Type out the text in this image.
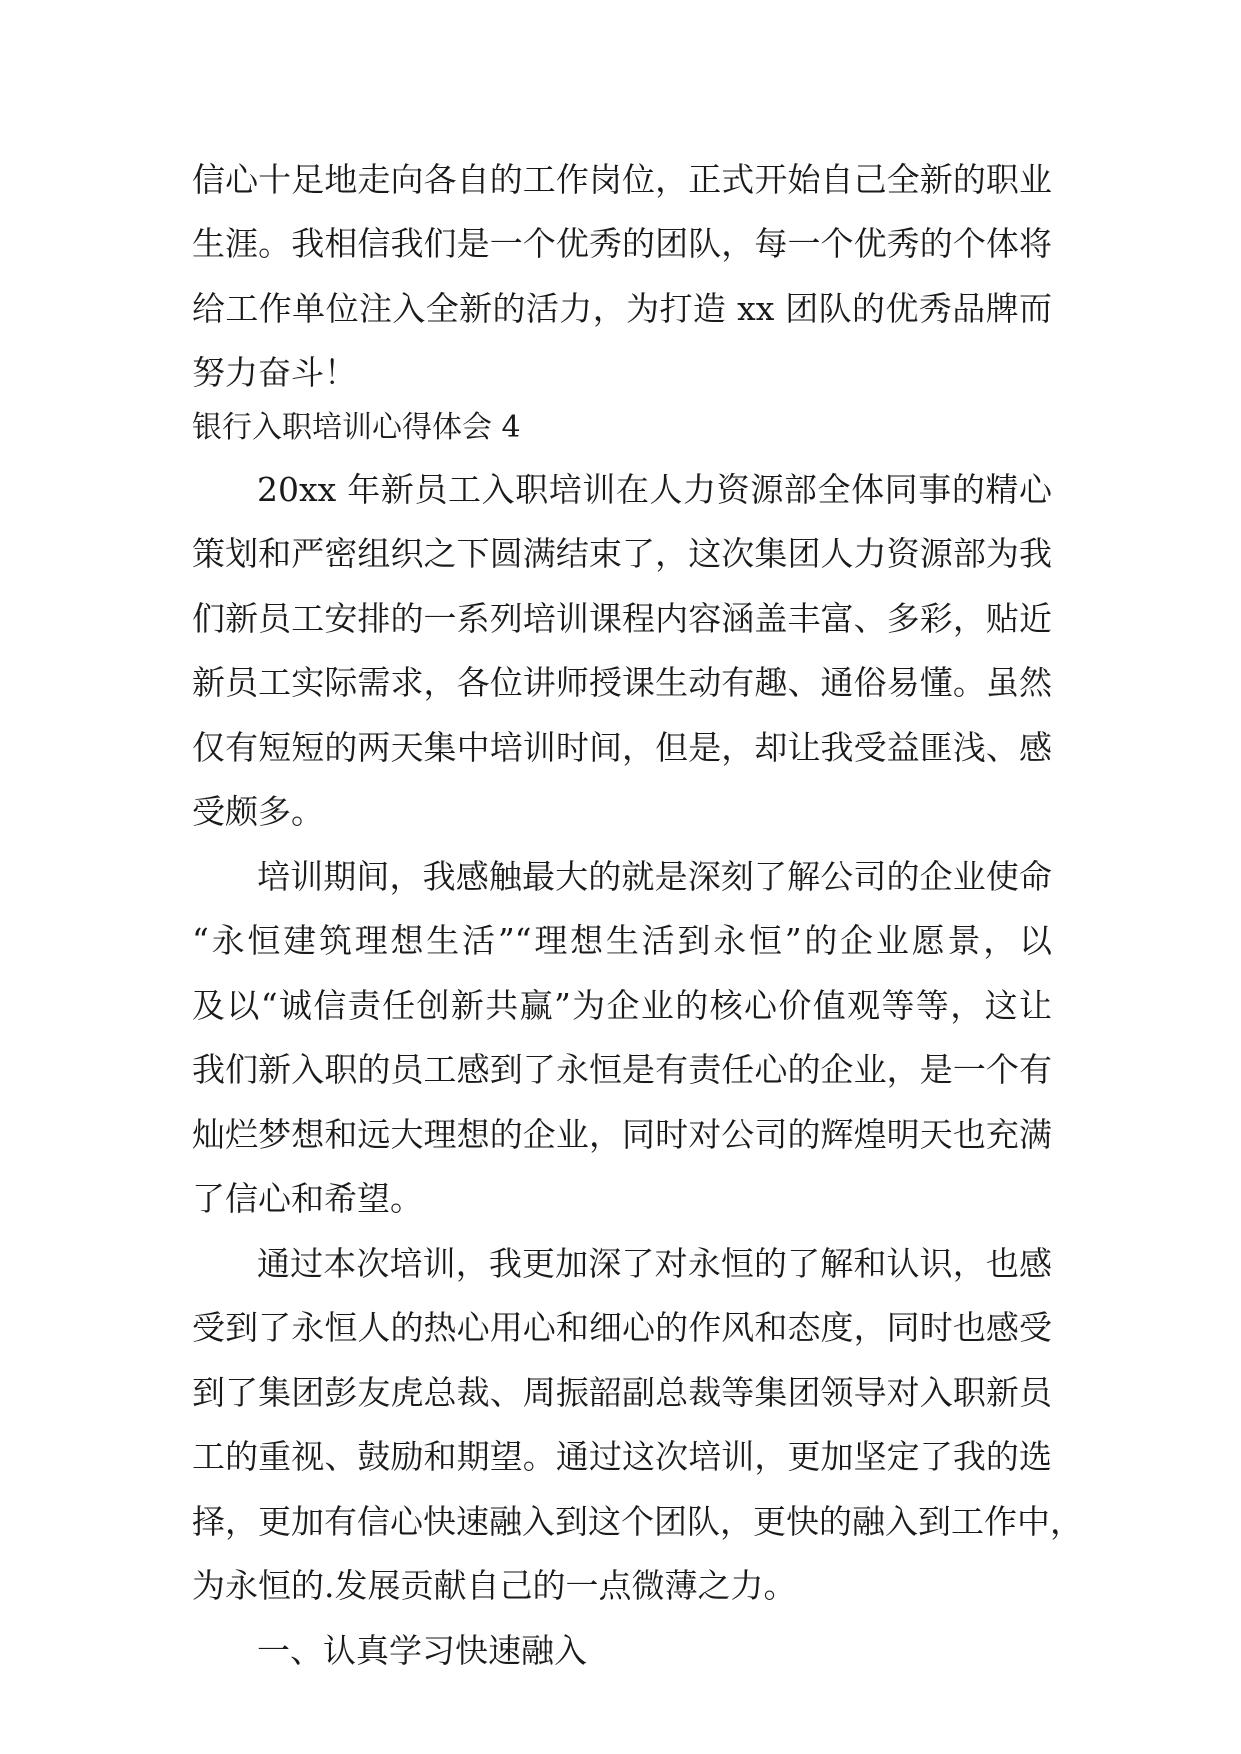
信心十足地走向各自的工作岗位，正式开始自己全新的职业
生涯。我相信我们是一个优秀的团队，每一个优秀的个体将
给工作单位注入全新的活力，为打造 xx 团队的优秀品牌而
努力奋斗！
银行入职培训心得体会 4
20xx 年新员工入职培训在人力资源部全体同事的精心
策划和严密组织之下圆满结束了，这次集团人力资源部为我
们新员工安排的一系列培训课程内容涵盖丰富、多彩，贴近
新员工实际需求，各位讲师授课生动有趣、通俗易懂。虽然
仅有短短的两天集中培训时间，但是，却让我受益匪浅、感
受颇多。
培训期间，我感触最大的就是深刻了解公司的企业使命
“永恒建筑理想生活”“理想生活到永恒”的企业愿景，以
及以“诚信责任创新共赢”为企业的核心价值观等等，这让
我们新入职的员工感到了永恒是有责任心的企业，是一个有
灿烂梦想和远大理想的企业，同时对公司的辉煌明天也充满
了信心和希望。
通过本次培训，我更加深了对永恒的了解和认识，也感
受到了永恒人的热心用心和细心的作风和态度，同时也感受
到了集团彭友虎总裁、周振韶副总裁等集团领导对入职新员
工的重视、鼓励和期望。通过这次培训，更加坚定了我的选
择，更加有信心快速融入到这个团队，更快的融入到工作中，
为永恒的.发展贡献自己的一点微薄之力。
一、认真学习快速融入
